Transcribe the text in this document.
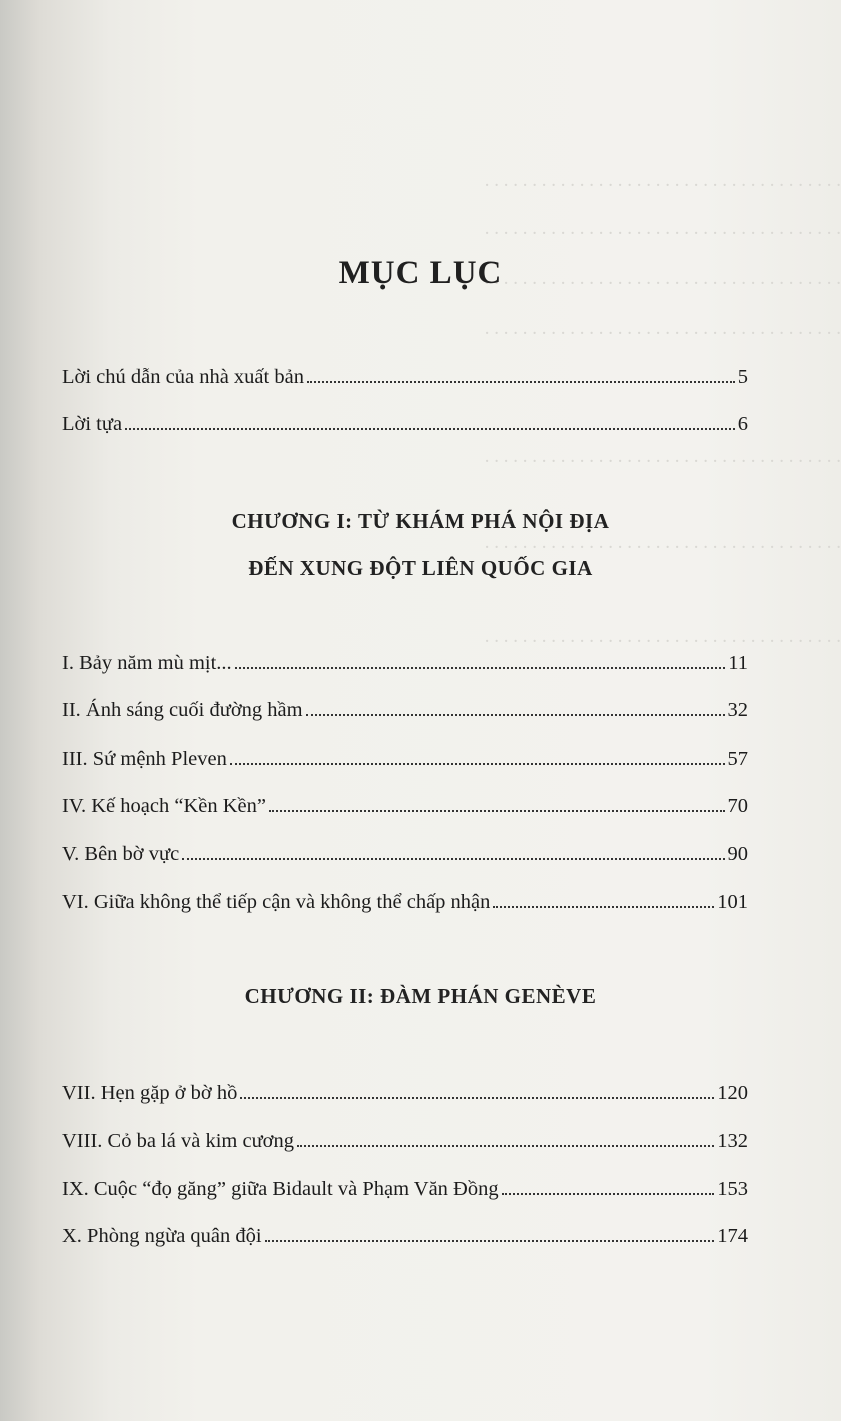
. . . . . . . . . . . . . . . . . . . . . . . . . . . . . . . . . . . . . .
. . . . . . . . . . . . . . . . . . . . . . . . . . . . . . . . . . . . . .
. . . . . . . . . . . . . . . . . . . . . . . . . . . . . . . . . . . . . .
. . . . . . . . . . . . . . . . . . . . . . . . . . . . . . . . . . . . . .
. . . . . . . . . . . . . . . . . . . . . . . . . . . . . . . . . . . . . .
. . . . . . . . . . . . . . . . . . . . . . . . . . . . . . . . . . . . . .
. . . . . . . . . . . . . . . . . . . . . . . . . . . . . . . . . . . . . .
MỤC LỤC
Lời chú dẫn của nhà xuất bản	5
Lời tựa	6
CHƯƠNG I: TỪ KHÁM PHÁ NỘI ĐỊA
ĐẾN XUNG ĐỘT LIÊN QUỐC GIA
I. Bảy năm mù mịt...	11
II. Ánh sáng cuối đường hầm	32
III. Sứ mệnh Pleven	57
IV. Kế hoạch “Kền Kền”	70
V. Bên bờ vực	90
VI. Giữa không thể tiếp cận và không thể chấp nhận	101
CHƯƠNG II: ĐÀM PHÁN GENÈVE
VII. Hẹn gặp ở bờ hồ	120
VIII. Cỏ ba lá và kim cương	132
IX. Cuộc “đọ găng” giữa Bidault và Phạm Văn Đồng	153
X. Phòng ngừa quân đội	174
